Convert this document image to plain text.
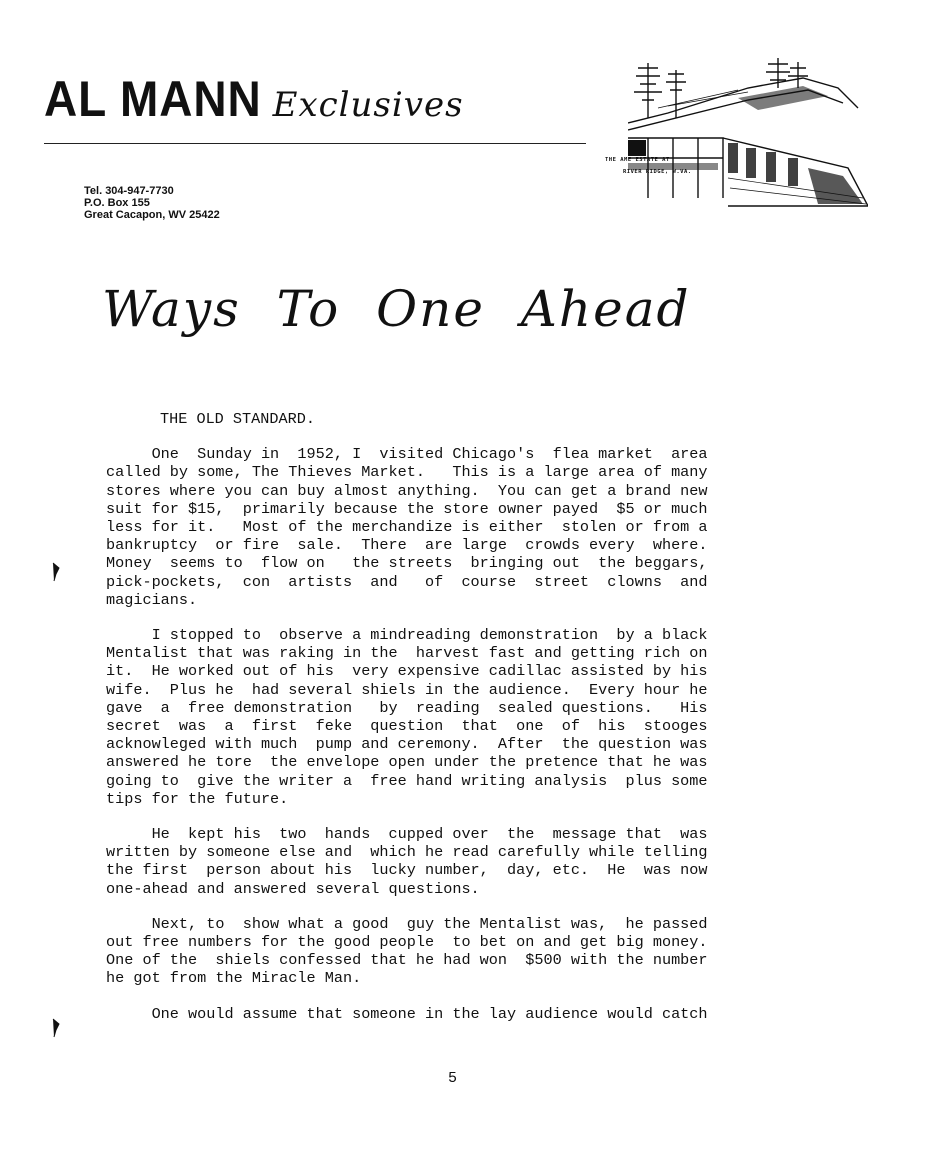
AL MANN Exclusives
Tel. 304-947-7730
P.O. Box 155
Great Cacapon, WV 25422
THE AME ESTATE AT
RIVER RIDGE, W.VA.
Ways To One Ahead
THE OLD STANDARD.
One  Sunday in  1952, I  visited Chicago's  flea market  area
called by some, The Thieves Market.   This is a large area of many
stores where you can buy almost anything.  You can get a brand new
suit for $15,  primarily because the store owner payed  $5 or much
less for it.   Most of the merchandize is either  stolen or from a
bankruptcy  or fire  sale.  There  are large  crowds every  where.
Money  seems to  flow on   the streets  bringing out  the beggars,
pick-pockets,  con  artists  and   of  course  street  clowns  and
magicians.
I stopped to  observe a mindreading demonstration  by a black
Mentalist that was raking in the  harvest fast and getting rich on
it.  He worked out of his  very expensive cadillac assisted by his
wife.  Plus he  had several shiels in the audience.  Every hour he
gave  a  free demonstration   by  reading  sealed questions.   His
secret  was  a  first  feke  question  that  one  of  his  stooges
acknowleged with much  pump and ceremony.  After  the question was
answered he tore  the envelope open under the pretence that he was
going to  give the writer a  free hand writing analysis  plus some
tips for the future.
He  kept his  two  hands  cupped over  the  message that  was
written by someone else and  which he read carefully while telling
the first  person about his  lucky number,  day, etc.  He  was now
one-ahead and answered several questions.
Next, to  show what a good  guy the Mentalist was,  he passed
out free numbers for the good people  to bet on and get big money.
One of the  shiels confessed that he had won  $500 with the number
he got from the Miracle Man.
One would assume that someone in the lay audience would catch
5
